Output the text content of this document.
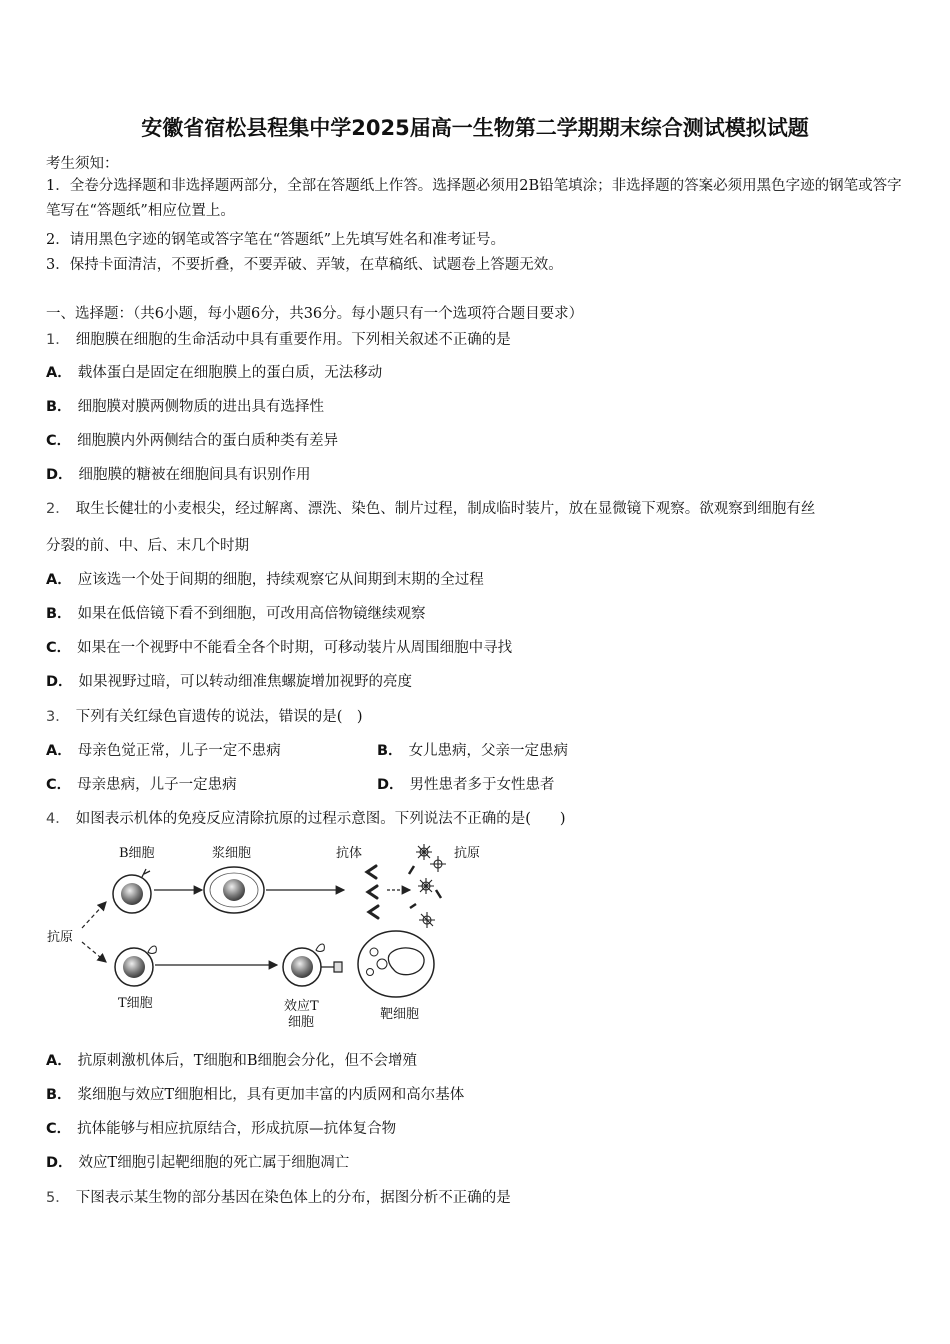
安徽省宿松县程集中学2025届高一生物第二学期期末综合测试模拟试题
考生须知：
1．全卷分选择题和非选择题两部分，全部在答题纸上作答。选择题必须用2B铅笔填涂；非选择题的答案必须用黑色字迹的钢笔或答字笔写在“答题纸”相应位置上。
2．请用黑色字迹的钢笔或答字笔在“答题纸”上先填写姓名和准考证号。
3．保持卡面清洁，不要折叠，不要弄破、弄皱，在草稿纸、试题卷上答题无效。
一、选择题：（共6小题，每小题6分，共36分。每小题只有一个选项符合题目要求）
1． 细胞膜在细胞的生命活动中具有重要作用。下列相关叙述不正确的是
A． 载体蛋白是固定在细胞膜上的蛋白质，无法移动
B． 细胞膜对膜两侧物质的进出具有选择性
C． 细胞膜内外两侧结合的蛋白质种类有差异
D． 细胞膜的糖被在细胞间具有识别作用
2． 取生长健壮的小麦根尖，经过解离、漂洗、染色、制片过程，制成临时装片，放在显微镜下观察。欲观察到细胞有丝
分裂的前、中、后、末几个时期
A． 应该选一个处于间期的细胞，持续观察它从间期到末期的全过程
B． 如果在低倍镜下看不到细胞，可改用高倍物镜继续观察
C． 如果在一个视野中不能看全各个时期，可移动装片从周围细胞中寻找
D． 如果视野过暗，可以转动细准焦螺旋增加视野的亮度
3． 下列有关红绿色盲遗传的说法，错误的是(　)
A． 母亲色觉正常，儿子一定不患病	B． 女儿患病，父亲一定患病
C． 母亲患病，儿子一定患病	D． 男性患者多于女性患者
4． 如图表示机体的免疫反应清除抗原的过程示意图。下列说法不正确的是(　　)
B细胞	浆细胞	抗体	抗原
抗原
T细胞	效应T
细胞
靶细胞
A． 抗原刺激机体后，T细胞和B细胞会分化，但不会增殖
B． 浆细胞与效应T细胞相比，具有更加丰富的内质网和高尔基体
C． 抗体能够与相应抗原结合，形成抗原—抗体复合物
D． 效应T细胞引起靶细胞的死亡属于细胞凋亡
5． 下图表示某生物的部分基因在染色体上的分布，据图分析不正确的是
